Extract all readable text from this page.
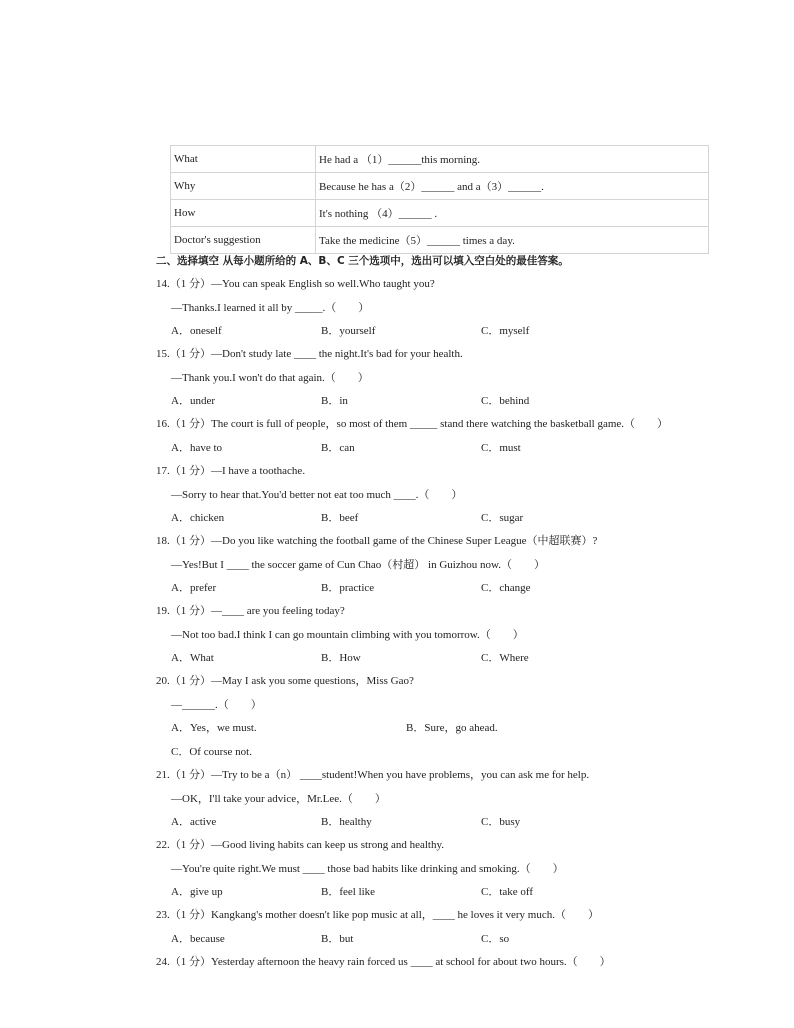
What	He had a （1）______this morning.
Why	Because he has a（2）______ and a（3）______.
How	It's nothing （4）______ .
Doctor's suggestion	Take the medicine（5）______ times a day.
二、选择填空 从每小题所给的 A、B、C 三个选项中，选出可以填入空白处的最佳答案。
14.（1 分）—You can speak English so well.Who taught you?
—Thanks.I learned it all by _____.（　　）
A．oneself	B．yourself	C．myself
15.（1 分）—Don't study late ____ the night.It's bad for your health.
—Thank you.I won't do that again.（　　）
A．under	B．in	C．behind
16.（1 分）The court is full of people，so most of them _____ stand there watching the basketball game.（　　）
A．have to	B．can	C．must
17.（1 分）—I have a toothache.
—Sorry to hear that.You'd better not eat too much ____.（　　）
A．chicken	B．beef	C．sugar
18.（1 分）—Do you like watching the football game of the Chinese Super League（中超联赛）?
—Yes!But I ____ the soccer game of Cun Chao（村超） in Guizhou now.（　　）
A．prefer	B．practice	C．change
19.（1 分）—____ are you feeling today?
—Not too bad.I think I can go mountain climbing with you tomorrow.（　　）
A．What	B．How	C．Where
20.（1 分）—May I ask you some questions，Miss Gao?
—______.（　　）
A．Yes，we must.	B．Sure，go ahead.
C．Of course not.
21.（1 分）—Try to be a（n） ____student!When you have problems，you can ask me for help.
—OK，I'll take your advice，Mr.Lee.（　　）
A．active	B．healthy	C．busy
22.（1 分）—Good living habits can keep us strong and healthy.
—You're quite right.We must ____ those bad habits like drinking and smoking.（　　）
A．give up	B．feel like	C．take off
23.（1 分）Kangkang's mother doesn't like pop music at all，____ he loves it very much.（　　）
A．because	B．but	C．so
24.（1 分）Yesterday afternoon the heavy rain forced us ____ at school for about two hours.（　　）
